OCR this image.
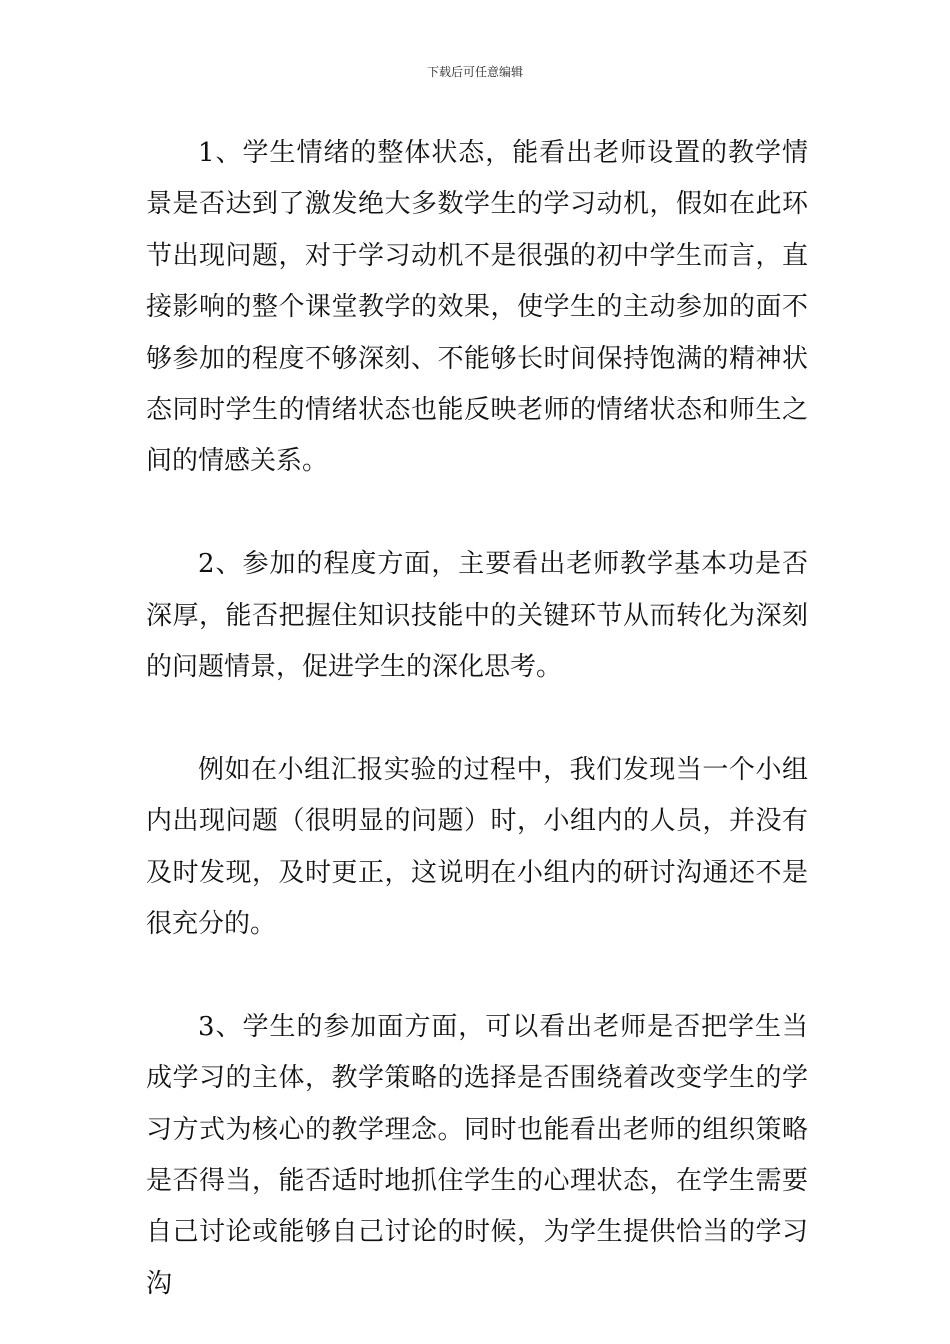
下载后可任意编辑

1、学生情绪的整体状态，能看出老师设置的教学情景是否达到了激发绝大多数学生的学习动机，假如在此环节出现问题，对于学习动机不是很强的初中学生而言，直接影响的整个课堂教学的效果，使学生的主动参加的面不够参加的程度不够深刻、不能够长时间保持饱满的精神状态同时学生的情绪状态也能反映老师的情绪状态和师生之间的情感关系。

2、参加的程度方面，主要看出老师教学基本功是否深厚，能否把握住知识技能中的关键环节从而转化为深刻的问题情景，促进学生的深化思考。

例如在小组汇报实验的过程中，我们发现当一个小组内出现问题（很明显的问题）时，小组内的人员，并没有及时发现，及时更正，这说明在小组内的研讨沟通还不是很充分的。

3、学生的参加面方面，可以看出老师是否把学生当成学习的主体，教学策略的选择是否围绕着改变学生的学习方式为核心的教学理念。同时也能看出老师的组织策略是否得当，能否适时地抓住学生的心理状态，在学生需要自己讨论或能够自己讨论的时候，为学生提供恰当的学习沟
